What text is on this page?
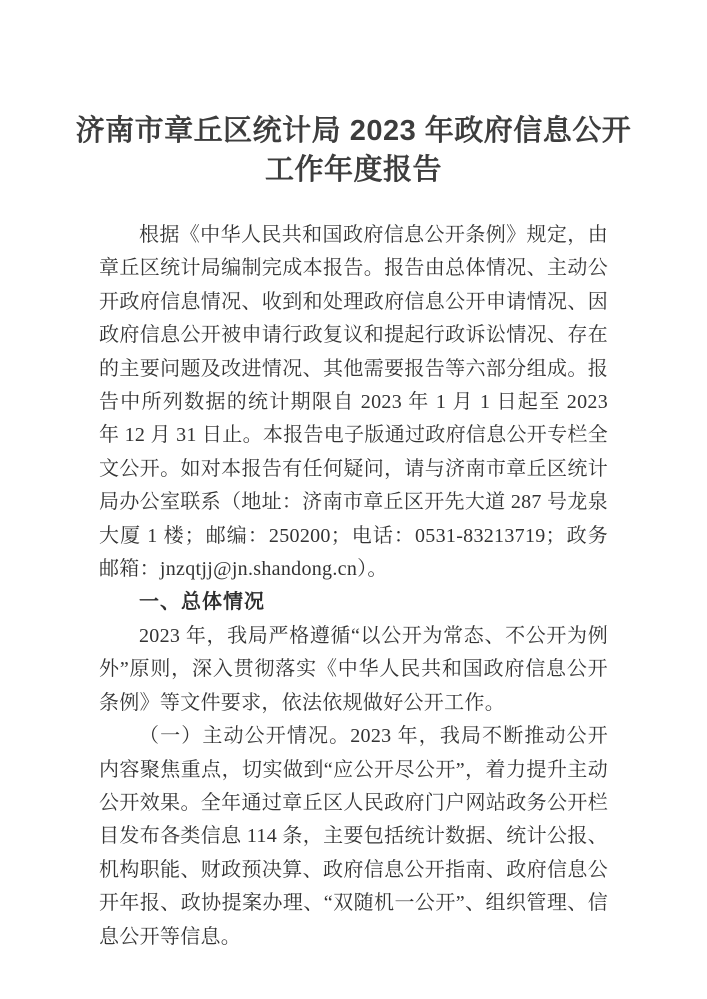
济南市章丘区统计局 2023 年政府信息公开
工作年度报告

根据《中华人民共和国政府信息公开条例》规定，由章丘区统计局编制完成本报告。报告由总体情况、主动公开政府信息情况、收到和处理政府信息公开申请情况、因政府信息公开被申请行政复议和提起行政诉讼情况、存在的主要问题及改进情况、其他需要报告等六部分组成。报告中所列数据的统计期限自 2023 年 1 月 1 日起至 2023 年 12 月 31 日止。本报告电子版通过政府信息公开专栏全文公开。如对本报告有任何疑问，请与济南市章丘区统计局办公室联系（地址：济南市章丘区开先大道 287 号龙泉大厦 1 楼；邮编：250200；电话：0531-83213719；政务邮箱：jnzqtjj@jn.shandong.cn）。

一、总体情况

2023 年，我局严格遵循“以公开为常态、不公开为例外”原则，深入贯彻落实《中华人民共和国政府信息公开条例》等文件要求，依法依规做好公开工作。

（一）主动公开情况。2023 年，我局不断推动公开内容聚焦重点，切实做到“应公开尽公开”，着力提升主动公开效果。全年通过章丘区人民政府门户网站政务公开栏目发布各类信息 114 条，主要包括统计数据、统计公报、机构职能、财政预决算、政府信息公开指南、政府信息公开年报、政协提案办理、“双随机一公开”、组织管理、信息公开等信息。
